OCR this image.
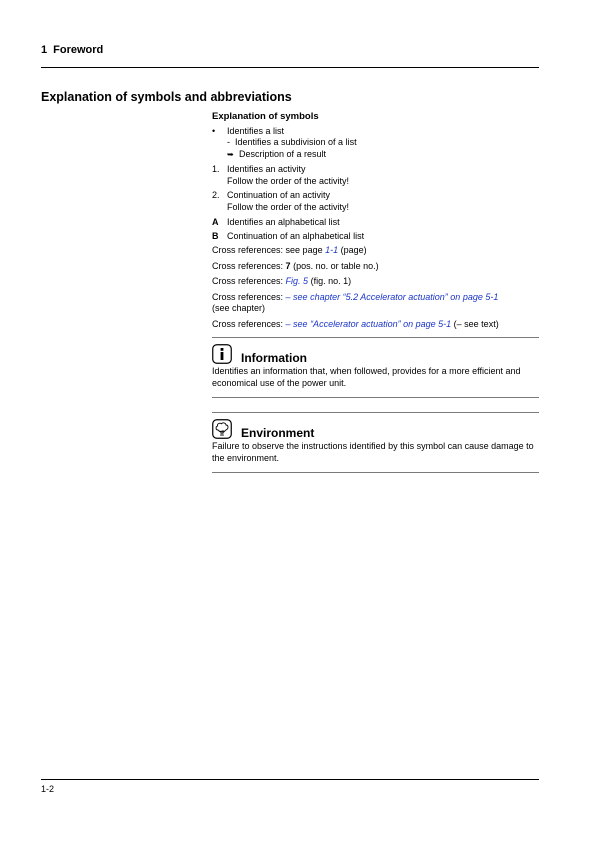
1 Foreword
Explanation of symbols and abbreviations
Explanation of symbols
•	Identifies a list
- Identifies a subdivision of a list
➥ Description of a result
1. Identifies an activity
Follow the order of the activity!
2. Continuation of an activity
Follow the order of the activity!
A Identifies an alphabetical list
B Continuation of an alphabetical list
Cross references: see page 1-1 (page)
Cross references: 7 (pos. no. or table no.)
Cross references: Fig. 5 (fig. no. 1)
Cross references: – see chapter “5.2 Accelerator actuation” on page 5-1
(see chapter)
Cross references: – see “Accelerator actuation” on page 5-1 (– see text)
Information
Identifies an information that, when followed, provides for a more efficient and economical use of the power unit.
Environment
Failure to observe the instructions identified by this symbol can cause damage to the environment.
1-2
